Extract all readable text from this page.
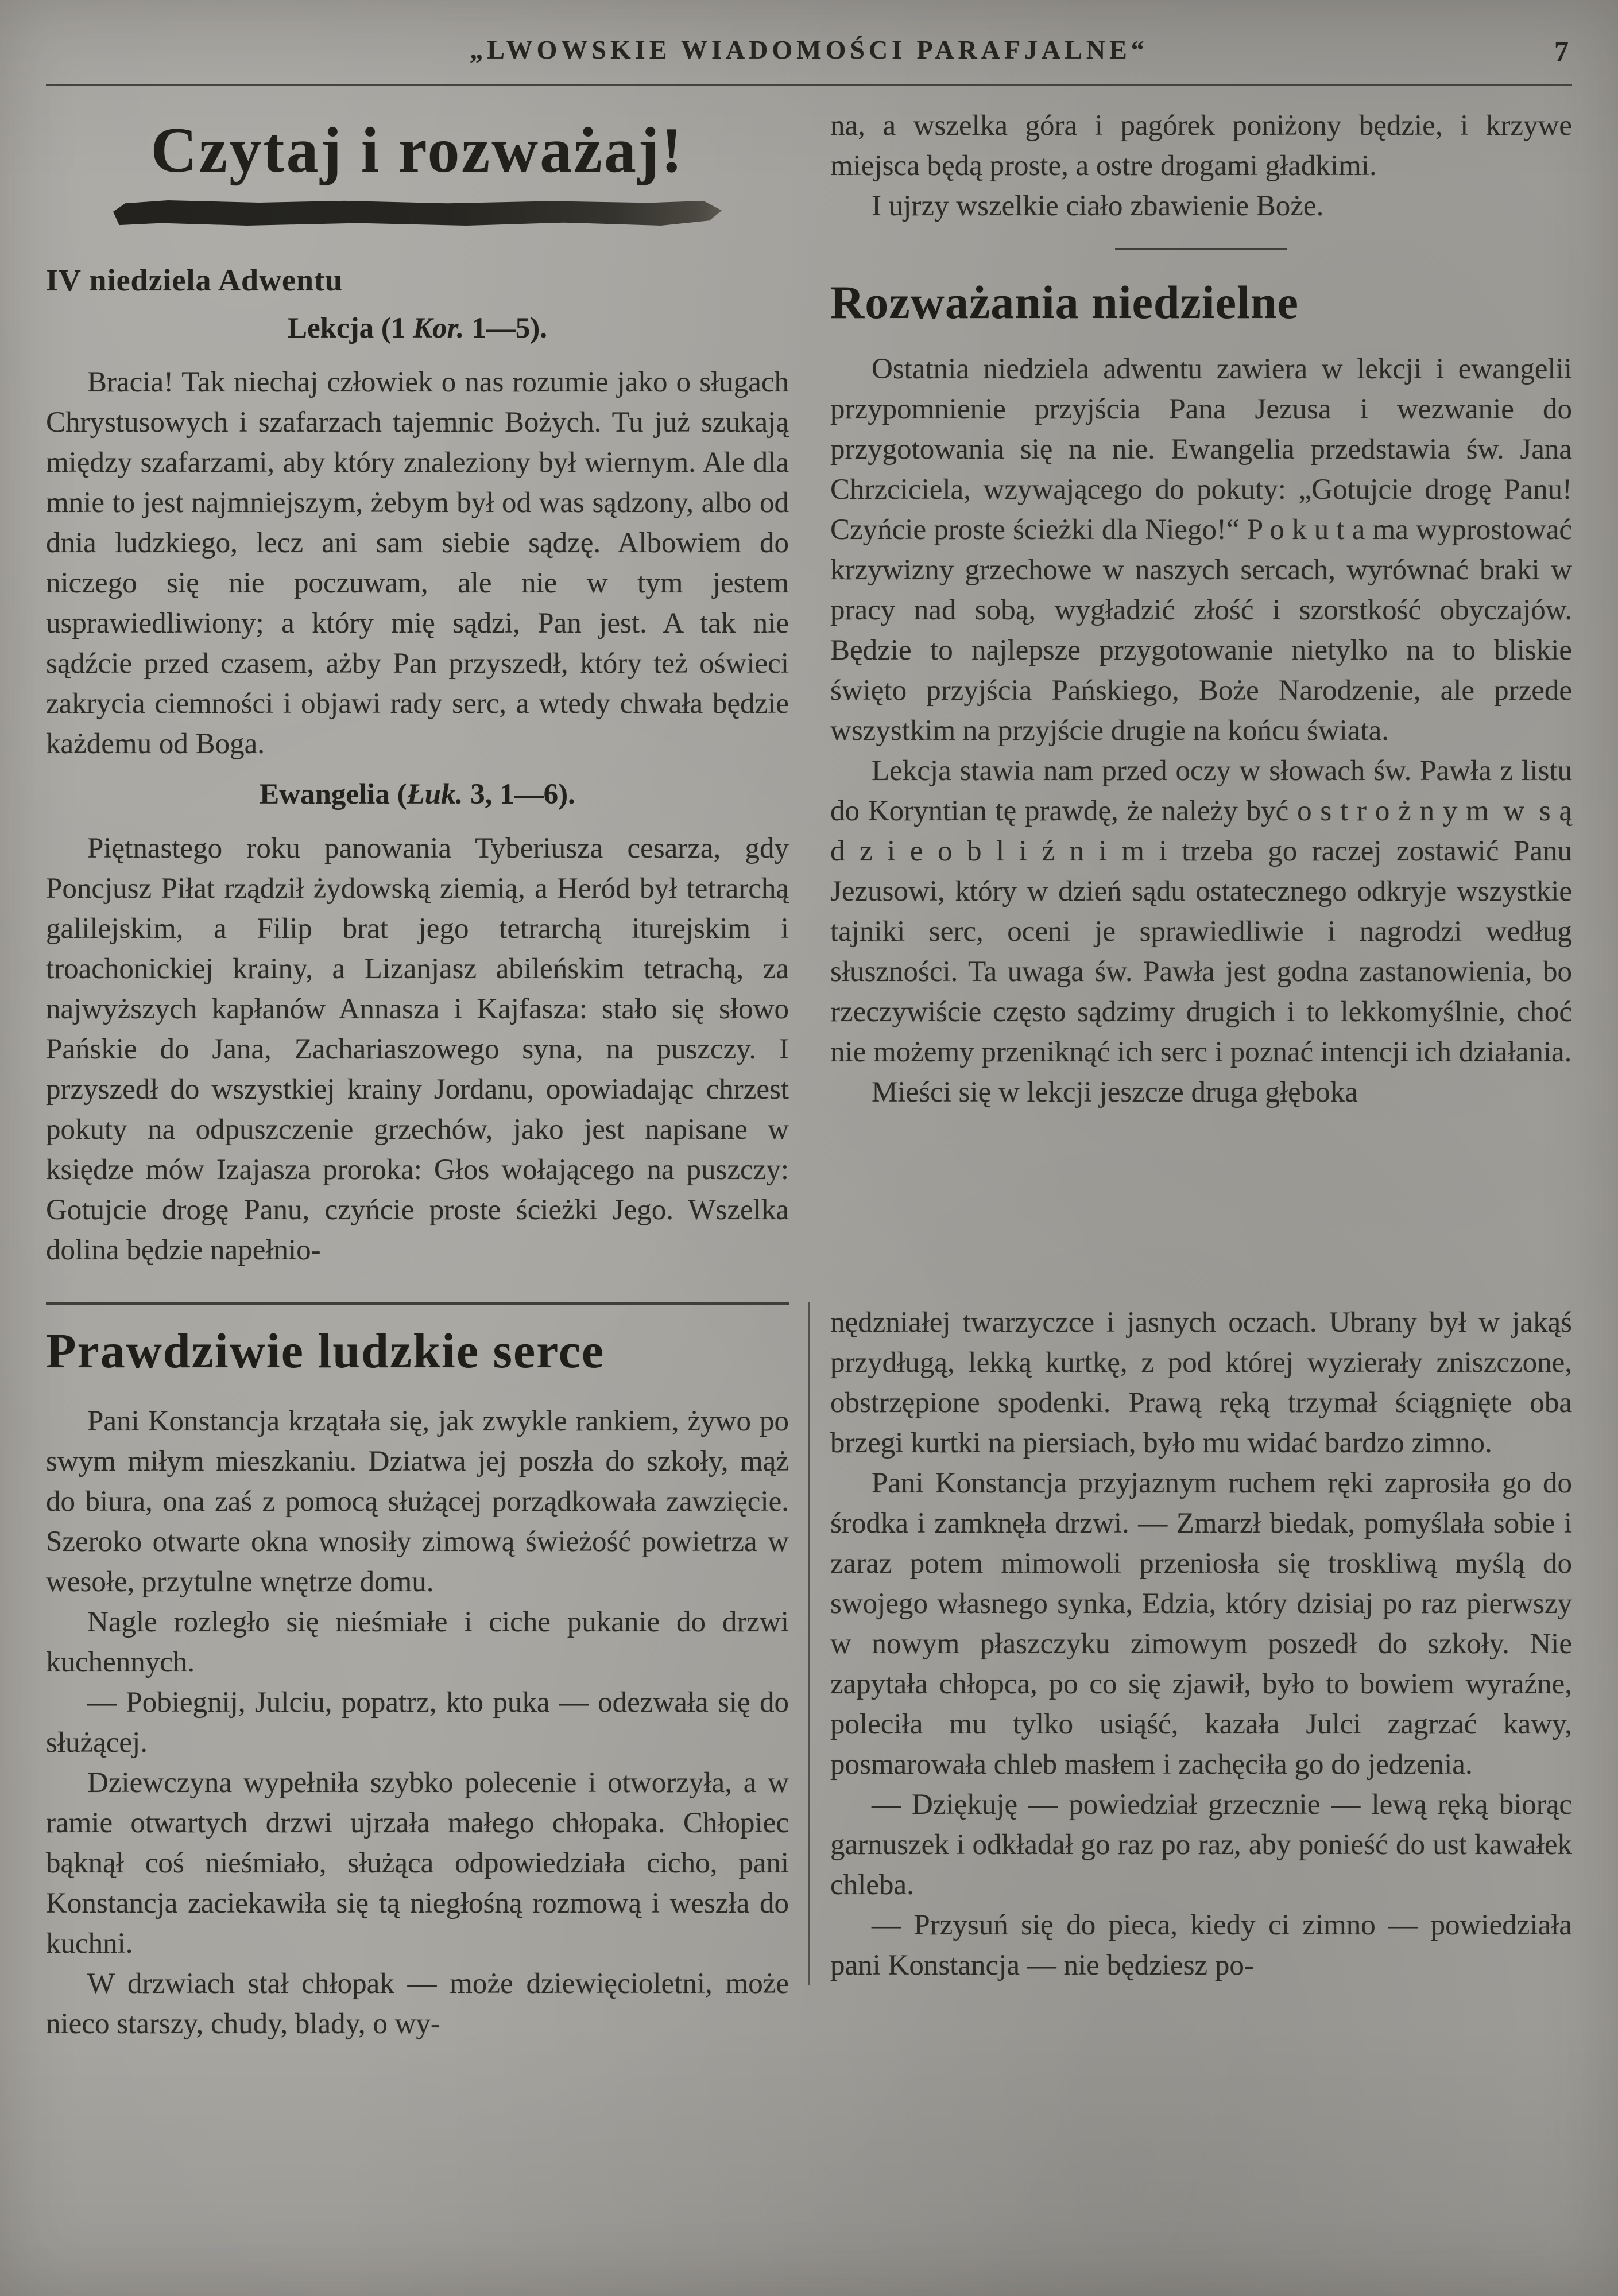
„LWOWSKIE WIADOMOŚCI PARAFJALNE“	7
Czytaj i rozważaj!
IV niedziela Adwentu
Lekcja (1 Kor. 1—5).

Bracia! Tak niechaj człowiek o nas rozumie jako o sługach Chrystusowych i szafarzach tajemnic Bożych. Tu już szukają między szafarzami, aby który znaleziony był wiernym. Ale dla mnie to jest najmniejszym, żebym był od was sądzony, albo od dnia ludzkiego, lecz ani sam siebie sądzę. Albowiem do niczego się nie poczuwam, ale nie w tym jestem usprawiedliwiony; a który mię sądzi, Pan jest. A tak nie sądźcie przed czasem, ażby Pan przyszedł, który też oświeci zakrycia ciemności i objawi rady serc, a wtedy chwała będzie każdemu od Boga.

Ewangelia (Łuk. 3, 1—6).

Piętnastego roku panowania Tyberiusza cesarza, gdy Poncjusz Piłat rządził żydowską ziemią, a Heród był tetrarchą galilejskim, a Filip brat jego tetrarchą iturejskim i troachonickiej krainy, a Lizanjasz abileńskim tetrachą, za najwyższych kapłanów Annasza i Kajfasza: stało się słowo Pańskie do Jana, Zachariaszowego syna, na puszczy. I przyszedł do wszystkiej krainy Jordanu, opowiadając chrzest pokuty na odpuszczenie grzechów, jako jest napisane w księdze mów Izajasza proroka: Głos wołającego na puszczy: Gotujcie drogę Panu, czyńcie proste ścieżki Jego. Wszelka dolina będzie napełnio-

na, a wszelka góra i pagórek poniżony będzie, i krzywe miejsca będą proste, a ostre drogami gładkimi.

I ujrzy wszelkie ciało zbawienie Boże.

Rozważania niedzielne

Ostatnia niedziela adwentu zawiera w lekcji i ewangelii przypomnienie przyjścia Pana Jezusa i wezwanie do przygotowania się na nie. Ewangelia przedstawia św. Jana Chrzciciela, wzywającego do pokuty: „Gotujcie drogę Panu! Czyńcie proste ścieżki dla Niego!“ P o k u t a ma wyprostować krzywizny grzechowe w naszych sercach, wyrównać braki w pracy nad sobą, wygładzić złość i szorstkość obyczajów. Będzie to najlepsze przygotowanie nietylko na to bliskie święto przyjścia Pańskiego, Boże Narodzenie, ale przede wszystkim na przyjście drugie na końcu świata.

Lekcja stawia nam przed oczy w słowach św. Pawła z listu do Koryntian tę prawdę, że należy być o s t r o ż n y m w s ą d z i e o b l i ź n i m i trzeba go raczej zostawić Panu Jezusowi, który w dzień sądu ostatecznego odkryje wszystkie tajniki serc, oceni je sprawiedliwie i nagrodzi według słuszności. Ta uwaga św. Pawła jest godna zastanowienia, bo rzeczywiście często sądzimy drugich i to lekkomyślnie, choć nie możemy przeniknąć ich serc i poznać intencji ich działania.

Mieści się w lekcji jeszcze druga głęboka

Prawdziwie ludzkie serce

Pani Konstancja krzątała się, jak zwykle rankiem, żywo po swym miłym mieszkaniu. Dziatwa jej poszła do szkoły, mąż do biura, ona zaś z pomocą służącej porządkowała zawzięcie. Szeroko otwarte okna wnosiły zimową świeżość powietrza w wesołe, przytulne wnętrze domu.

Nagle rozległo się nieśmiałe i ciche pukanie do drzwi kuchennych.

— Pobiegnij, Julciu, popatrz, kto puka — odezwała się do służącej.

Dziewczyna wypełniła szybko polecenie i otworzyła, a w ramie otwartych drzwi ujrzała małego chłopaka. Chłopiec bąknął coś nieśmiało, służąca odpowiedziała cicho, pani Konstancja zaciekawiła się tą niegłośną rozmową i weszła do kuchni.

W drzwiach stał chłopak — może dziewięcioletni, może nieco starszy, chudy, blady, o wy-

nędzniałej twarzyczce i jasnych oczach. Ubrany był w jakąś przydługą, lekką kurtkę, z pod której wyzierały zniszczone, obstrzępione spodenki. Prawą ręką trzymał ściągnięte oba brzegi kurtki na piersiach, było mu widać bardzo zimno.

Pani Konstancja przyjaznym ruchem ręki zaprosiła go do środka i zamknęła drzwi. — Zmarzł biedak, pomyślała sobie i zaraz potem mimowoli przeniosła się troskliwą myślą do swojego własnego synka, Edzia, który dzisiaj po raz pierwszy w nowym płaszczyku zimowym poszedł do szkoły. Nie zapytała chłopca, po co się zjawił, było to bowiem wyraźne, poleciła mu tylko usiąść, kazała Julci zagrzać kawy, posmarowała chleb masłem i zachęciła go do jedzenia.

— Dziękuję — powiedział grzecznie — lewą ręką biorąc garnuszek i odkładał go raz po raz, aby ponieść do ust kawałek chleba.

— Przysuń się do pieca, kiedy ci zimno — powiedziała pani Konstancja — nie będziesz po-
